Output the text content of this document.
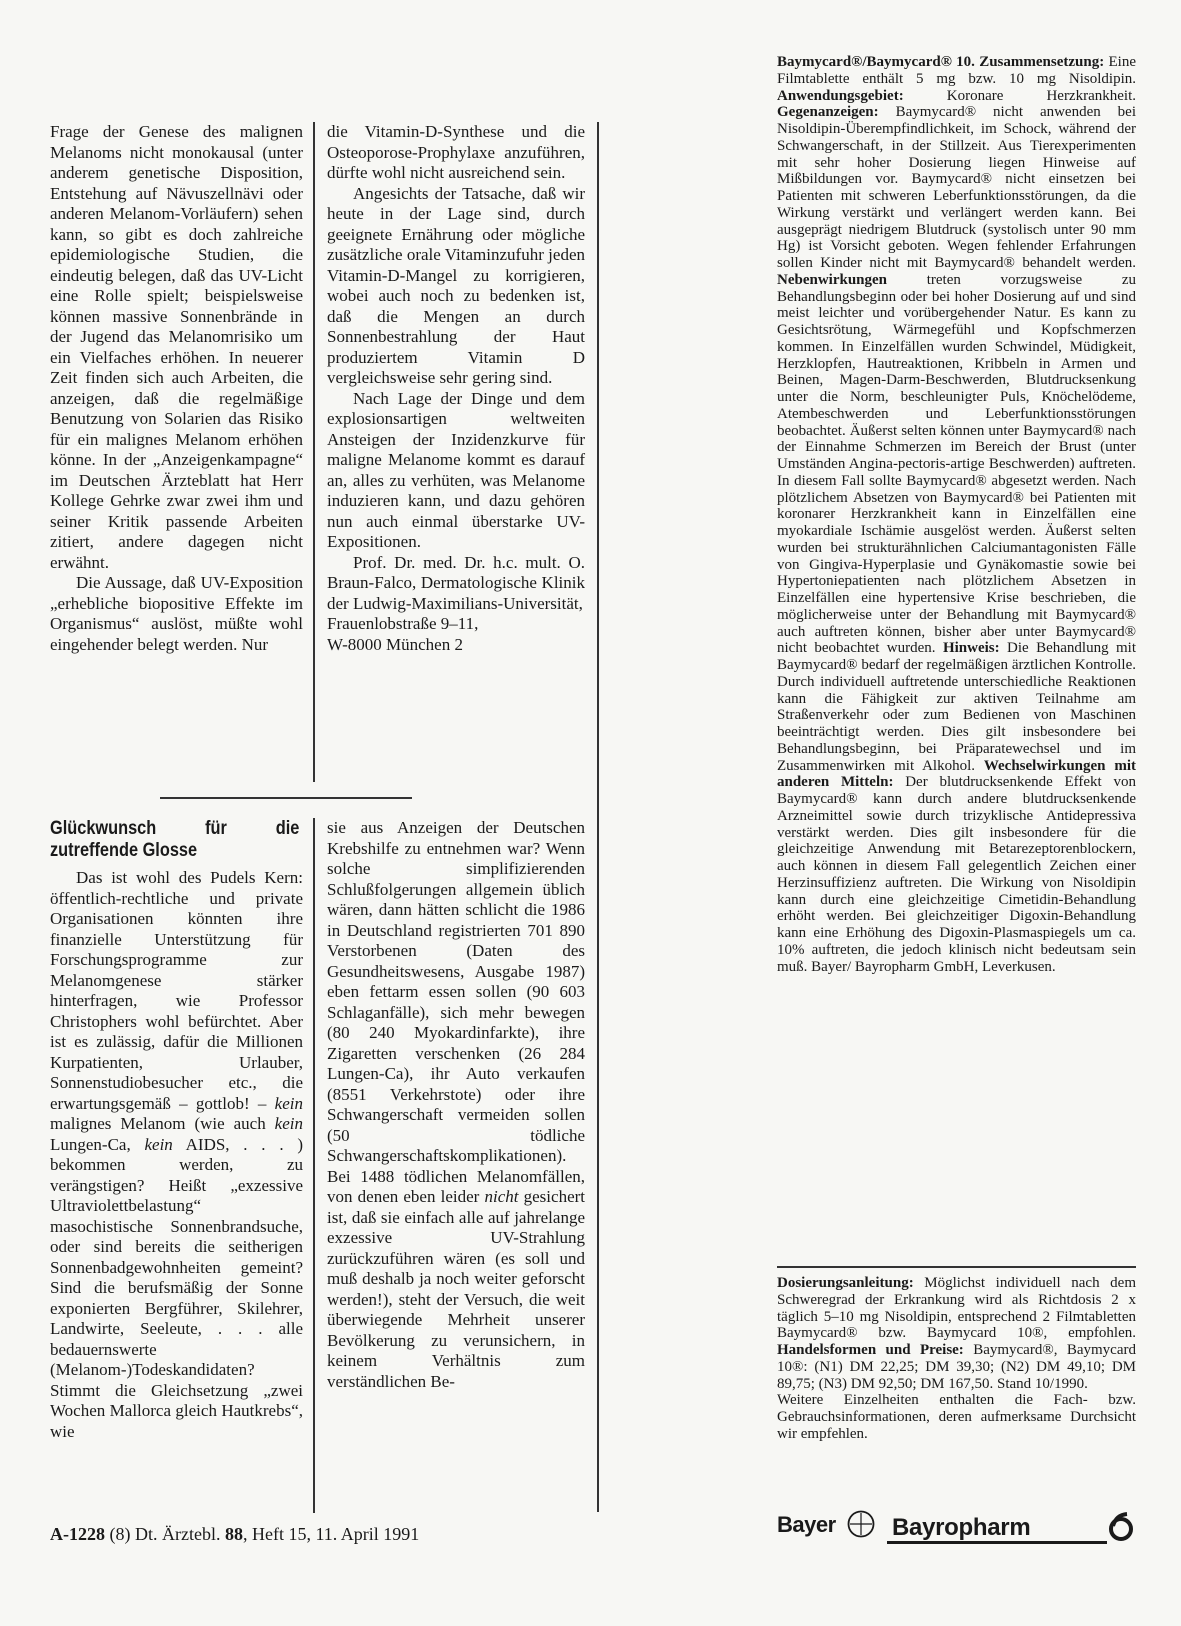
Frage der Genese des malignen Melanoms nicht monokausal (unter anderem genetische Disposition, Entstehung auf Nävuszellnävi oder anderen Melanom-Vorläufern) sehen kann, so gibt es doch zahlreiche epidemiologische Studien, die eindeutig belegen, daß das UV-Licht eine Rolle spielt; beispielsweise können massive Sonnenbrände in der Jugend das Melanomrisiko um ein Vielfaches erhöhen. In neuerer Zeit finden sich auch Arbeiten, die anzeigen, daß die regelmäßige Benutzung von Solarien das Risiko für ein malignes Melanom erhöhen könne. In der „Anzeigenkampagne“ im Deutschen Ärzteblatt hat Herr Kollege Gehrke zwar zwei ihm und seiner Kritik passende Arbeiten zitiert, andere dagegen nicht erwähnt.

Die Aussage, daß UV-Exposition „erhebliche biopositive Effekte im Organismus“ auslöst, müßte wohl eingehender belegt werden. Nur

die Vitamin-D-Synthese und die Osteoporose-Prophylaxe anzuführen, dürfte wohl nicht ausreichend sein.

Angesichts der Tatsache, daß wir heute in der Lage sind, durch geeignete Ernährung oder mögliche zusätzliche orale Vitaminzufuhr jeden Vitamin-D-Mangel zu korrigieren, wobei auch noch zu bedenken ist, daß die Mengen an durch Sonnenbestrahlung der Haut produziertem Vitamin D vergleichsweise sehr gering sind.

Nach Lage der Dinge und dem explosionsartigen weltweiten Ansteigen der Inzidenzkurve für maligne Melanome kommt es darauf an, alles zu verhüten, was Melanome induzieren kann, und dazu gehören nun auch einmal überstarke UV-Expositionen.

Prof. Dr. med. Dr. h.c. mult. O. Braun-Falco, Dermatologische Klinik der Ludwig-Maximilians-Universität,

Frauenlobstraße 9–11,

W-8000 München 2

Glückwunsch für die zutreffende Glosse

Das ist wohl des Pudels Kern: öffentlich-rechtliche und private Organisationen könnten ihre finanzielle Unterstützung für Forschungsprogramme zur Melanomgenese stärker hinterfragen, wie Professor Christophers wohl befürchtet. Aber ist es zulässig, dafür die Millionen Kurpatienten, Urlauber, Sonnenstudiobesucher etc., die erwartungsgemäß – gottlob! – kein malignes Melanom (wie auch kein Lungen-Ca, kein AIDS, . . . ) bekommen werden, zu verängstigen? Heißt „exzessive Ultraviolettbelastung“ masochistische Sonnenbrandsuche, oder sind bereits die seitherigen Sonnenbadgewohnheiten gemeint? Sind die berufsmäßig der Sonne exponierten Bergführer, Skilehrer, Landwirte, Seeleute, . . . alle bedauernswerte (Melanom-)Todeskandidaten? Stimmt die Gleichsetzung „zwei Wochen Mallorca gleich Hautkrebs“, wie

sie aus Anzeigen der Deutschen Krebshilfe zu entnehmen war? Wenn solche simplifizierenden Schlußfolgerungen allgemein üblich wären, dann hätten schlicht die 1986 in Deutschland registrierten 701 890 Verstorbenen (Daten des Gesundheitswesens, Ausgabe 1987) eben fettarm essen sollen (90 603 Schlaganfälle), sich mehr bewegen (80 240 Myokardinfarkte), ihre Zigaretten verschenken (26 284 Lungen-Ca), ihr Auto verkaufen (8551 Verkehrstote) oder ihre Schwangerschaft vermeiden sollen (50 tödliche Schwangerschaftskomplikationen). Bei 1488 tödlichen Melanomfällen, von denen eben leider nicht gesichert ist, daß sie einfach alle auf jahrelange exzessive UV-Strahlung zurückzuführen wären (es soll und muß deshalb ja noch weiter geforscht werden!), steht der Versuch, die weit überwiegende Mehrheit unserer Bevölkerung zu verunsichern, in keinem Verhältnis zum verständlichen Be-

A-1228 (8) Dt. Ärztebl. 88, Heft 15, 11. April 1991
Baymycard®/Baymycard® 10. Zusammensetzung: Eine Filmtablette enthält 5 mg bzw. 10 mg Nisoldipin. Anwendungsgebiet: Koronare Herzkrankheit. Gegenanzeigen: Baymycard® nicht anwenden bei Nisoldipin-Überempfindlichkeit, im Schock, während der Schwangerschaft, in der Stillzeit. Aus Tierexperimenten mit sehr hoher Dosierung liegen Hinweise auf Mißbildungen vor. Baymycard® nicht einsetzen bei Patienten mit schweren Leberfunktionsstörungen, da die Wirkung verstärkt und verlängert werden kann. Bei ausgeprägt niedrigem Blutdruck (systolisch unter 90 mm Hg) ist Vorsicht geboten. Wegen fehlender Erfahrungen sollen Kinder nicht mit Baymycard® behandelt werden. Nebenwirkungen treten vorzugsweise zu Behandlungsbeginn oder bei hoher Dosierung auf und sind meist leichter und vorübergehender Natur. Es kann zu Gesichtsrötung, Wärmegefühl und Kopfschmerzen kommen. In Einzelfällen wurden Schwindel, Müdigkeit, Herzklopfen, Hautreaktionen, Kribbeln in Armen und Beinen, Magen-Darm-Beschwerden, Blutdrucksenkung unter die Norm, beschleunigter Puls, Knöchelödeme, Atembeschwerden und Leberfunktionsstörungen beobachtet. Äußerst selten können unter Baymycard® nach der Einnahme Schmerzen im Bereich der Brust (unter Umständen Angina-pectoris-artige Beschwerden) auftreten. In diesem Fall sollte Baymycard® abgesetzt werden. Nach plötzlichem Absetzen von Baymycard® bei Patienten mit koronarer Herzkrankheit kann in Einzelfällen eine myokardiale Ischämie ausgelöst werden. Äußerst selten wurden bei strukturähnlichen Calciumantagonisten Fälle von Gingiva-Hyperplasie und Gynäkomastie sowie bei Hypertoniepatienten nach plötzlichem Absetzen in Einzelfällen eine hypertensive Krise beschrieben, die möglicherweise unter der Behandlung mit Baymycard® auch auftreten können, bisher aber unter Baymycard® nicht beobachtet wurden. Hinweis: Die Behandlung mit Baymycard® bedarf der regelmäßigen ärztlichen Kontrolle. Durch individuell auftretende unterschiedliche Reaktionen kann die Fähigkeit zur aktiven Teilnahme am Straßenverkehr oder zum Bedienen von Maschinen beeinträchtigt werden. Dies gilt insbesondere bei Behandlungsbeginn, bei Präparatewechsel und im Zusammenwirken mit Alkohol. Wechselwirkungen mit anderen Mitteln: Der blutdrucksenkende Effekt von Baymycard® kann durch andere blutdrucksenkende Arzneimittel sowie durch trizyklische Antidepressiva verstärkt werden. Dies gilt insbesondere für die gleichzeitige Anwendung mit Betarezeptorenblockern, auch können in diesem Fall gelegentlich Zeichen einer Herzinsuffizienz auftreten. Die Wirkung von Nisoldipin kann durch eine gleichzeitige Cimetidin-Behandlung erhöht werden. Bei gleichzeitiger Digoxin-Behandlung kann eine Erhöhung des Digoxin-Plasmaspiegels um ca. 10% auftreten, die jedoch klinisch nicht bedeutsam sein muß. Bayer/ Bayropharm GmbH, Leverkusen.

Dosierungsanleitung: Möglichst individuell nach dem Schweregrad der Erkrankung wird als Richtdosis 2 x täglich 5–10 mg Nisoldipin, entsprechend 2 Filmtabletten Baymycard® bzw. Baymycard 10®, empfohlen. Handelsformen und Preise: Baymycard®, Baymycard 10®: (N1) DM 22,25; DM 39,30; (N2) DM 49,10; DM 89,75; (N3) DM 92,50; DM 167,50. Stand 10/1990.

Weitere Einzelheiten enthalten die Fach- bzw. Gebrauchsinformationen, deren aufmerksame Durchsicht wir empfehlen.

Bayer Bayropharm
